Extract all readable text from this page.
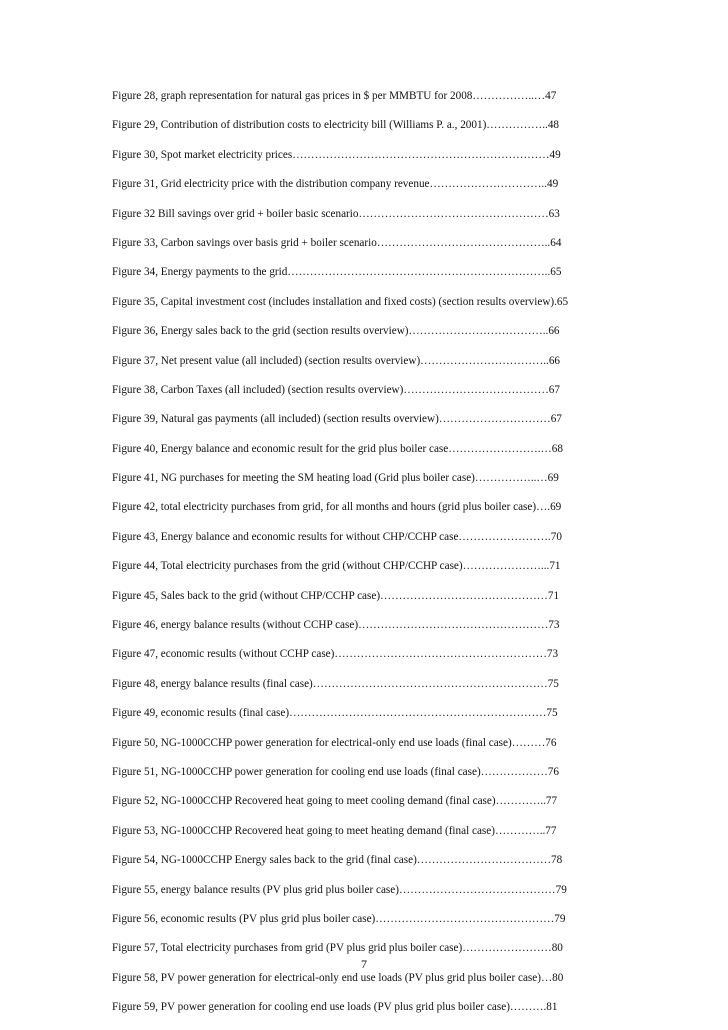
Figure 28, graph representation for natural gas prices in $ per MMBTU for 2008……………..…47
Figure 29, Contribution of distribution costs to electricity bill (Williams P. a., 2001)……………..48
Figure 30, Spot market electricity prices……………………………………………………………49
Figure 31, Grid electricity price with the distribution company revenue…………………………..49
Figure 32 Bill savings over grid + boiler basic scenario……………………………………………63
Figure 33, Carbon savings over basis grid + boiler scenario………………………………………..64
Figure 34, Energy payments to the grid……………………………………………………………..65
Figure 35, Capital investment cost (includes installation and fixed costs) (section results overview).65
Figure 36, Energy sales back to the grid (section results overview)………………………………..66
Figure 37, Net present value (all included) (section results overview)……………………………..66
Figure 38, Carbon Taxes (all included) (section results overview)…………………………………67
Figure 39, Natural gas payments (all included) (section results overview)…………………………67
Figure 40, Energy balance and economic result for the grid plus boiler case…………………….…68
Figure 41, NG purchases for meeting the SM heating load (Grid plus boiler case)……………..…69
Figure 42, total electricity purchases from grid, for all months and hours (grid plus boiler case)….69
Figure 43, Energy balance and economic results for without CHP/CCHP case…………………….70
Figure 44, Total electricity purchases from the grid (without CHP/CCHP case)…………………...71
Figure 45, Sales back to the grid (without CHP/CCHP case)………………………………………71
Figure 46, energy balance results (without CCHP case)……………………………………………73
Figure 47, economic results (without CCHP case)…………………………………………………73
Figure 48, energy balance results (final case)………………………………………………………75
Figure 49, economic results (final case)……………………………………………………………75
Figure 50, NG-1000CCHP power generation for electrical-only end use loads (final case)………76
Figure 51, NG-1000CCHP power generation for cooling end use loads (final case)………………76
Figure 52, NG-1000CCHP Recovered heat going to meet cooling demand (final case)…………..77
Figure 53, NG-1000CCHP Recovered heat going to meet heating demand (final case)…………..77
Figure 54, NG-1000CCHP Energy sales back to the grid (final case)………………………………78
Figure 55, energy balance results (PV plus grid plus boiler case)……………………………………79
Figure 56, economic results (PV plus grid plus boiler case)…………………………………………79
Figure 57, Total electricity purchases from grid (PV plus grid plus boiler case)……………………80
Figure 58, PV power generation for electrical-only end use loads (PV plus grid plus boiler case)…80
Figure 59, PV power generation for cooling end use loads (PV plus grid plus boiler case)……….81
7
